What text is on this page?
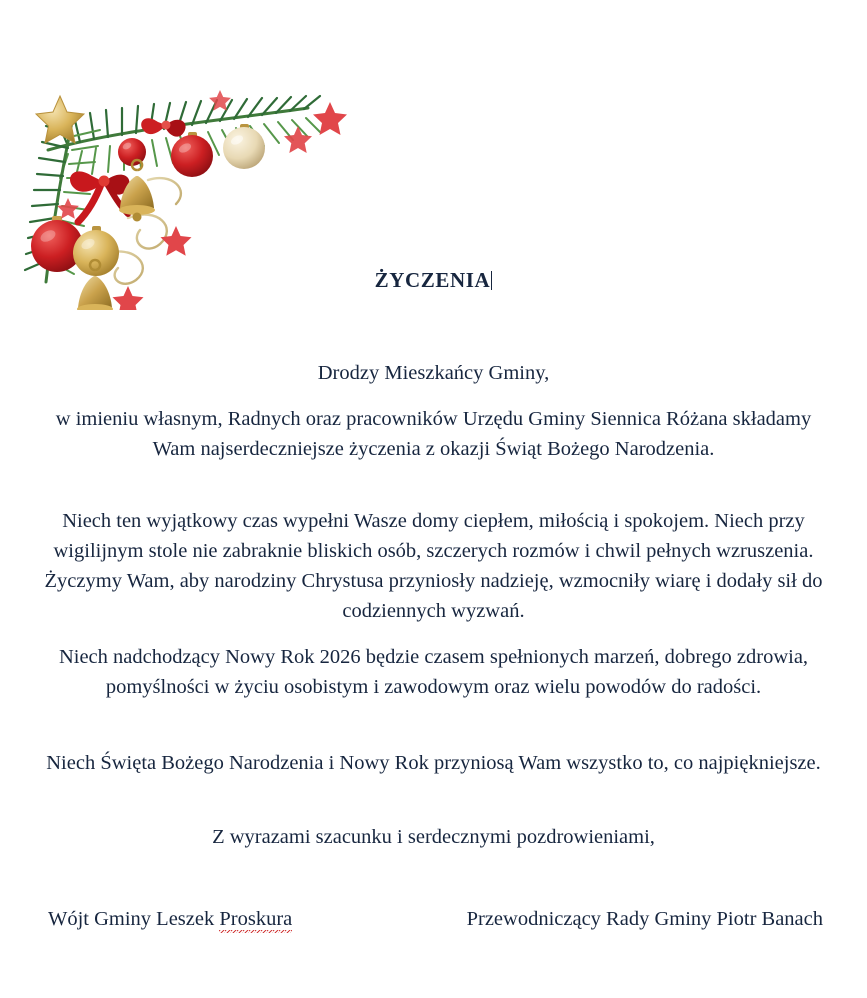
ŻYCZENIA
Drodzy Mieszkańcy Gminy,
w imieniu własnym, Radnych oraz pracowników Urzędu Gminy Siennica Różana składamy Wam najserdeczniejsze życzenia z okazji Świąt Bożego Narodzenia.
Niech ten wyjątkowy czas wypełni Wasze domy ciepłem, miłością i spokojem. Niech przy wigilijnym stole nie zabraknie bliskich osób, szczerych rozmów i chwil pełnych wzruszenia. Życzymy Wam, aby narodziny Chrystusa przyniosły nadzieję, wzmocniły wiarę i dodały sił do codziennych wyzwań.
Niech nadchodzący Nowy Rok 2026 będzie czasem spełnionych marzeń, dobrego zdrowia, pomyślności w życiu osobistym i zawodowym oraz wielu powodów do radości.
Niech Święta Bożego Narodzenia i Nowy Rok przyniosą Wam wszystko to, co najpiękniejsze.
Z wyrazami szacunku i serdecznymi pozdrowieniami,
Wójt Gminy Leszek Proskura	Przewodniczący Rady Gminy Piotr Banach
